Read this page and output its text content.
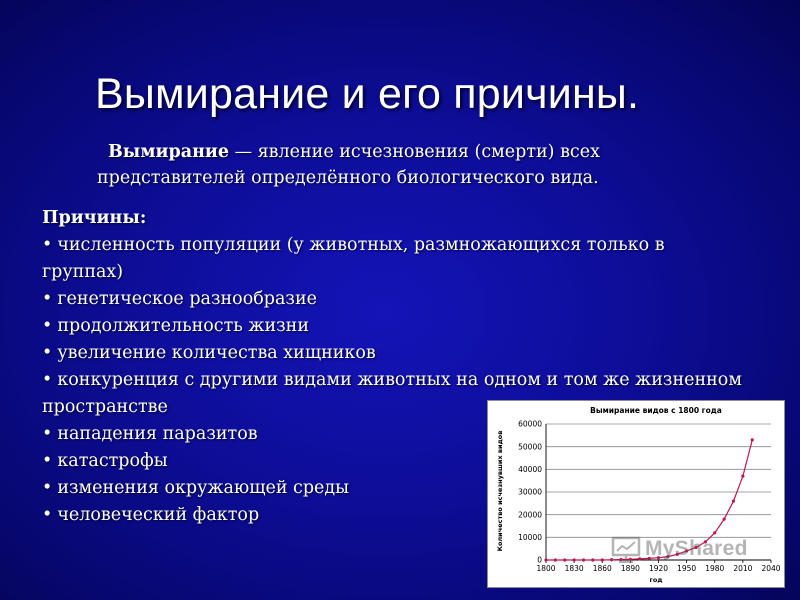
Вымирание и его причины.
Вымирание — явление исчезновения (смерти) всех
представителей определённого биологического вида.
Причины:
• численность популяции (у животных, размножающихся только в группах)
• генетическое разнообразие
• продолжительность жизни
• увеличение количества хищников
• конкуренция с другими видами животных на одном и том же жизненном пространстве
• нападения паразитов
• катастрофы
• изменения окружающей среды
• человеческий фактор
Вымирание видов с 1800 года
0
10000
20000
30000
40000
50000
60000
1800 1830 1860 1890 1920 1950 1980 2010 2040
Количество исчезнувших видов
год
MyShared
